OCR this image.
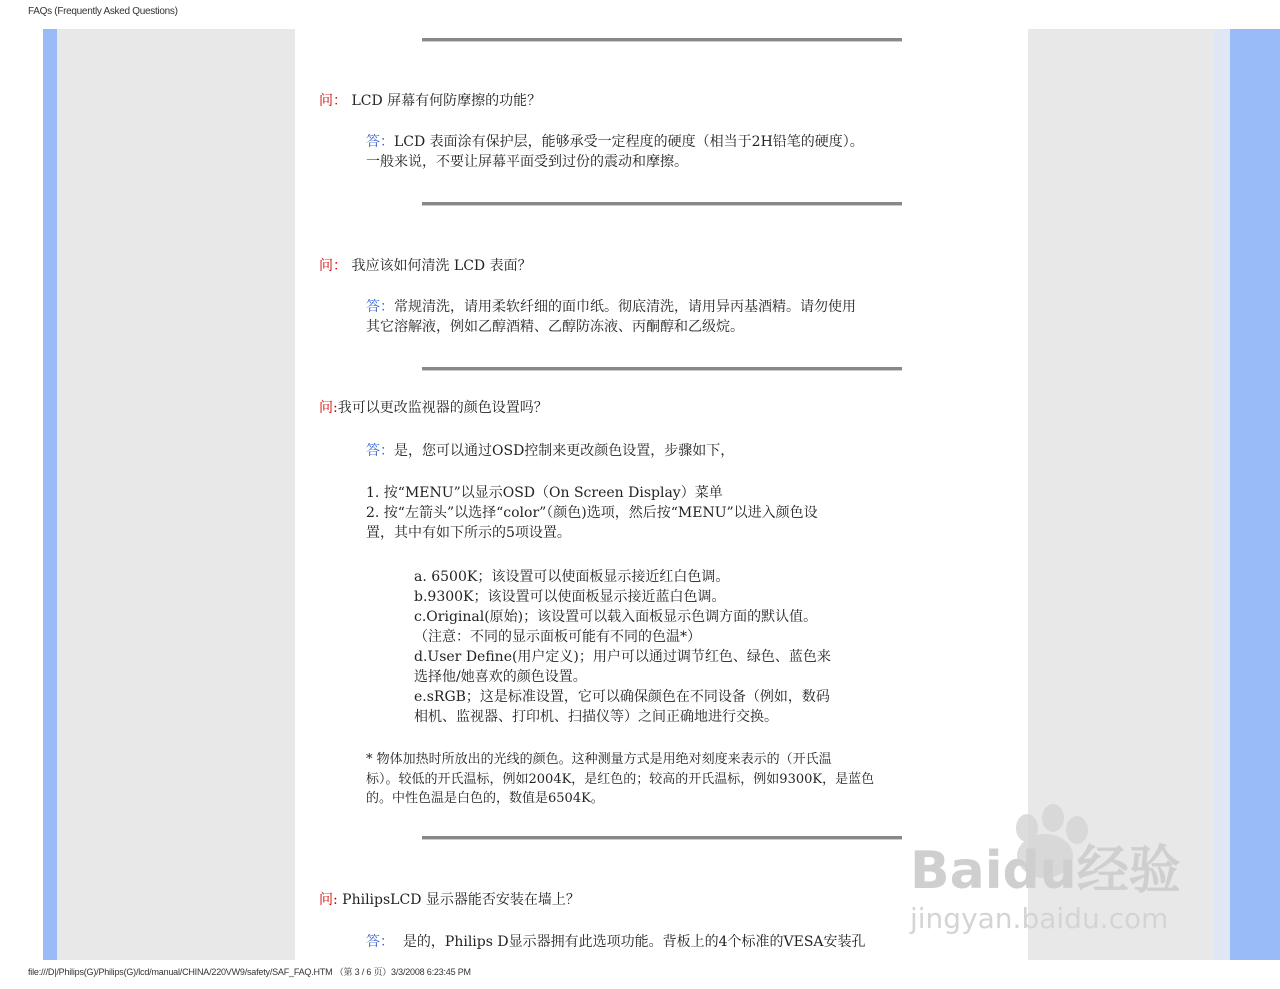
FAQs (Frequently Asked Questions)
问： LCD 屏幕有何防摩擦的功能？
答：LCD 表面涂有保护层，能够承受一定程度的硬度（相当于2H铅笔的硬度）。
一般来说，不要让屏幕平面受到过份的震动和摩擦。
问： 我应该如何清洗 LCD 表面？
答：常规清洗，请用柔软纤细的面巾纸。彻底清洗，请用异丙基酒精。请勿使用
其它溶解液，例如乙醇酒精、乙醇防冻液、丙酮醇和乙级烷。
问:我可以更改监视器的颜色设置吗？
答：是，您可以通过OSD控制来更改颜色设置，步骤如下，
1. 按“MENU”以显示OSD（On Screen Display）菜单
2. 按“左箭头”以选择“color”（颜色)选项，然后按“MENU”以进入颜色设
置，其中有如下所示的5项设置。
a. 6500K；该设置可以使面板显示接近红白色调。
b.9300K；该设置可以使面板显示接近蓝白色调。
c.Original(原始)；该设置可以载入面板显示色调方面的默认值。
（注意：不同的显示面板可能有不同的色温*）
d.User Define(用户定义)；用户可以通过调节红色、绿色、蓝色来
选择他/她喜欢的颜色设置。
e.sRGB；这是标准设置，它可以确保颜色在不同设备（例如，数码
相机、监视器、打印机、扫描仪等）之间正确地进行交换。
* 物体加热时所放出的光线的颜色。这种测量方式是用绝对刻度来表示的（开氏温
标）。较低的开氏温标，例如2004K，是红色的；较高的开氏温标，例如9300K，是蓝色
的。中性色温是白色的，数值是6504K。
问: PhilipsLCD 显示器能否安装在墙上？
答：  是的，Philips D显示器拥有此选项功能。背板上的4个标准的VESA安装孔
Baidu经验
jingyan.baidu.com
file:///D|/Philips(G)/Philips(G)/lcd/manual/CHINA/220VW9/safety/SAF_FAQ.HTM （第 3 / 6 页）3/3/2008 6:23:45 PM
